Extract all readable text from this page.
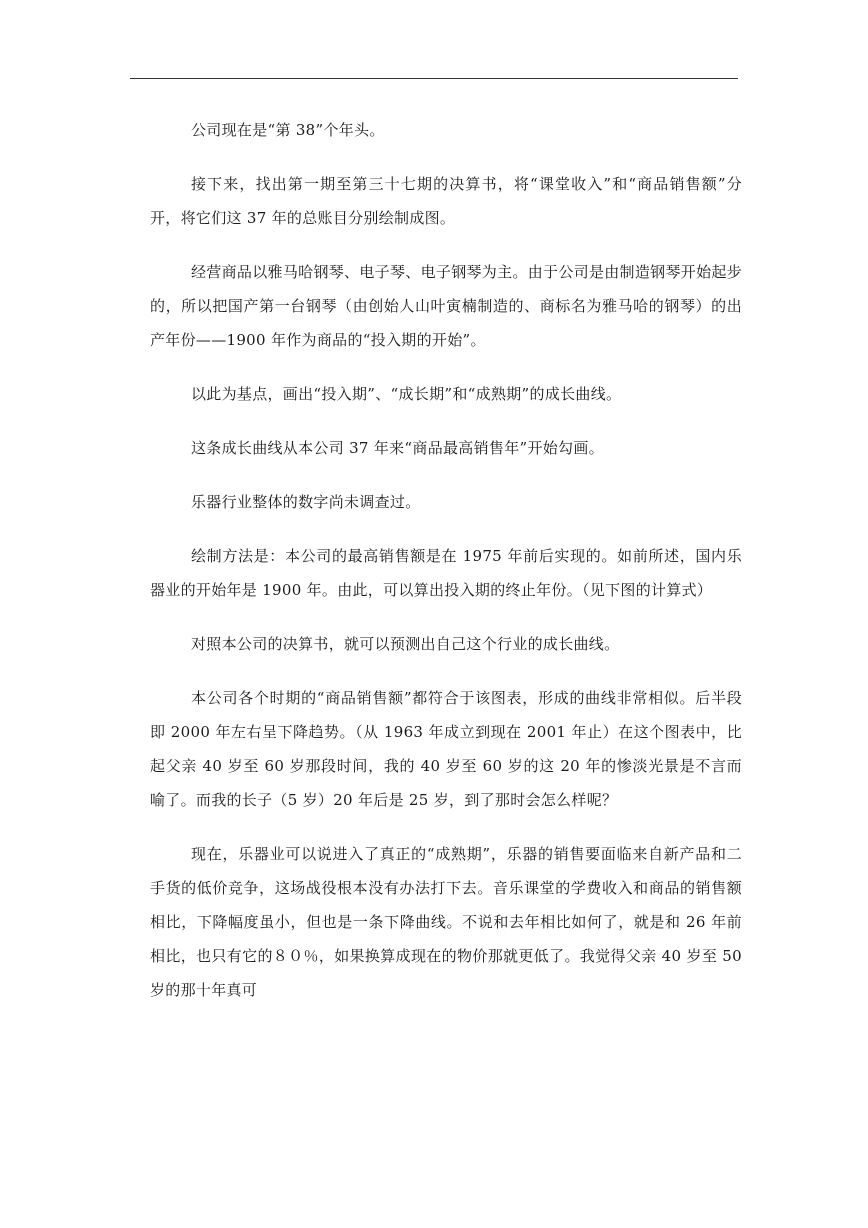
公司现在是“第 38”个年头。

接下来，找出第一期至第三十七期的决算书，将“课堂收入”和“商品销售额”分开，将它们这 37 年的总账目分别绘制成图。

经营商品以雅马哈钢琴、电子琴、电子钢琴为主。由于公司是由制造钢琴开始起步的，所以把国产第一台钢琴（由创始人山叶寅楠制造的、商标名为雅马哈的钢琴）的出产年份——1900 年作为商品的“投入期的开始”。

以此为基点，画出“投入期”、“成长期”和“成熟期”的成长曲线。

这条成长曲线从本公司 37 年来“商品最高销售年”开始勾画。

乐器行业整体的数字尚未调查过。

绘制方法是：本公司的最高销售额是在 1975 年前后实现的。如前所述，国内乐器业的开始年是 1900 年。由此，可以算出投入期的终止年份。（见下图的计算式）

对照本公司的决算书，就可以预测出自己这个行业的成长曲线。

本公司各个时期的“商品销售额”都符合于该图表，形成的曲线非常相似。后半段即 2000 年左右呈下降趋势。（从 1963 年成立到现在 2001 年止）在这个图表中，比起父亲 40 岁至 60 岁那段时间，我的 40 岁至 60 岁的这 20 年的惨淡光景是不言而喻了。而我的长子（5 岁）20 年后是 25 岁，到了那时会怎么样呢？

现在，乐器业可以说进入了真正的“成熟期”，乐器的销售要面临来自新产品和二手货的低价竞争，这场战役根本没有办法打下去。音乐课堂的学费收入和商品的销售额相比，下降幅度虽小，但也是一条下降曲线。不说和去年相比如何了，就是和 26 年前相比，也只有它的８０％，如果换算成现在的物价那就更低了。我觉得父亲 40 岁至 50 岁的那十年真可
